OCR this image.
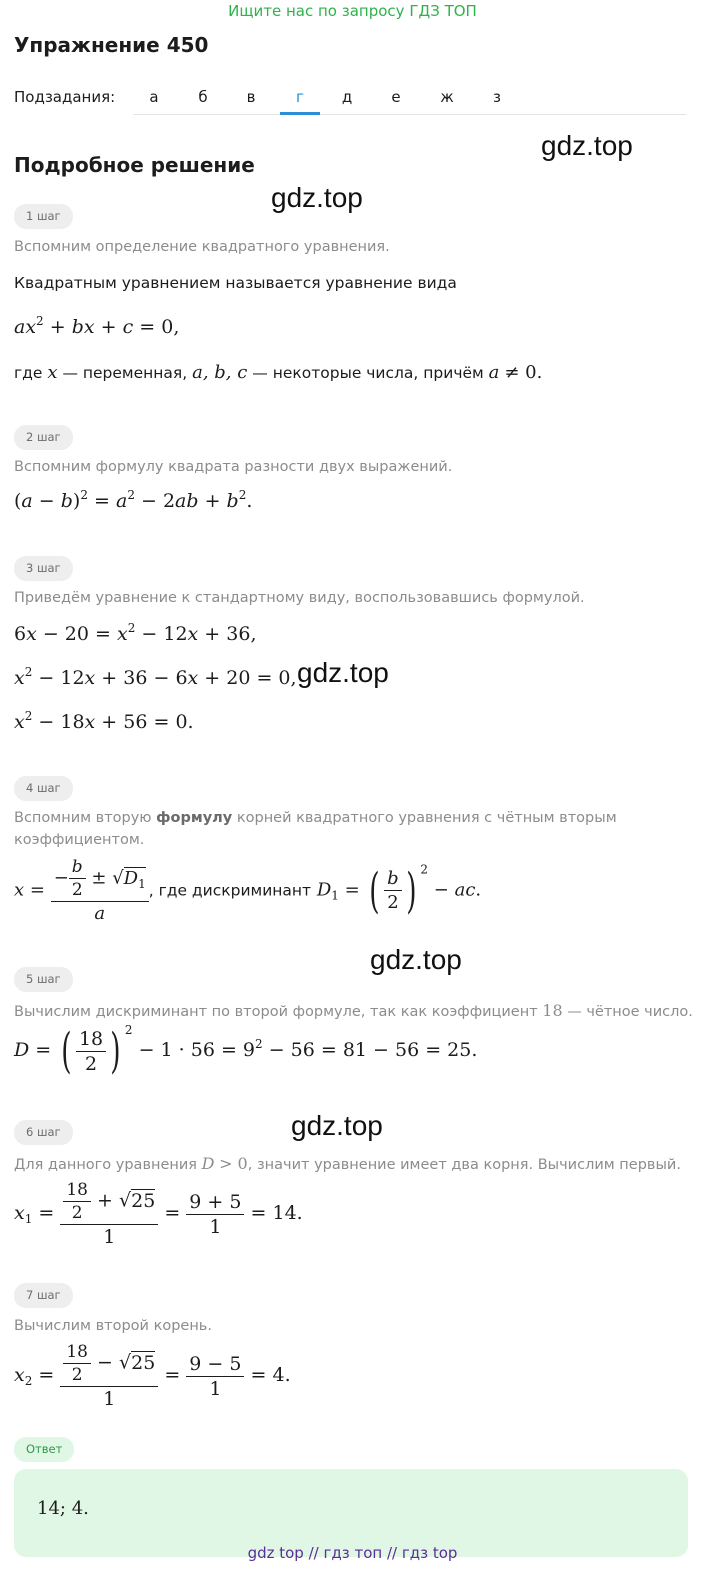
Ищите нас по запросу ГДЗ ТОП
Упражнение 450
Подзадания:	а	б	в	г	д	е	ж	з
Подробное решение
gdz.top
gdz.top
gdz.top
gdz.top
gdz.top
1 шаг
Вспомним определение квадратного уравнения.
Квадратным уравнением называется уравнение вида
$ax^2$ + bx + c = 0,
где x — переменная, a, b, c — некоторые числа, причём a ≠ 0.
2 шаг
Вспомним формулу квадрата разности двух выражений.
$(a - b)^2 = a^2 - 2ab + b^2$.
3 шаг
Приведём уравнение к стандартному виду, воспользовавшись формулой.
$6x - 20 = x^2 - 12x + 36$,
$x^2 - 12x + 36 - 6x + 20 = 0$,
$x^2 - 18x + 56 = 0$.
4 шаг
Вспомним вторую формулу корней квадратного уравнения с чётным вторым
коэффициентом.
$x = \frac{- \frac{b}{2} \pm √D_1}{a}$ , где дискриминант $D_1$ = ( $\frac{b}{2}$ ) $^2$ − ac.
5 шаг
Вычислим дискриминант по второй формуле, так как коэффициент 18 — чётное число.
D = ( $\frac{18}{2}$ ) $^2 - 1 \cdot 56 = 9^2 - 56 = 81 - 56 = 25$.
6 шаг
Для данного уравнения D > 0, значит уравнение имеет два корня. Вычислим первый.
$x_1 = \frac{\frac{18}{2} + √25}{1} = \frac{9 + 5}{1} = 14$.
7 шаг
Вычислим второй корень.
$x_2 = \frac{\frac{18}{2} - √25}{1} = \frac{9 - 5}{1} = 4$.
Ответ
14; 4.
gdz top // гдз топ // гдз top
